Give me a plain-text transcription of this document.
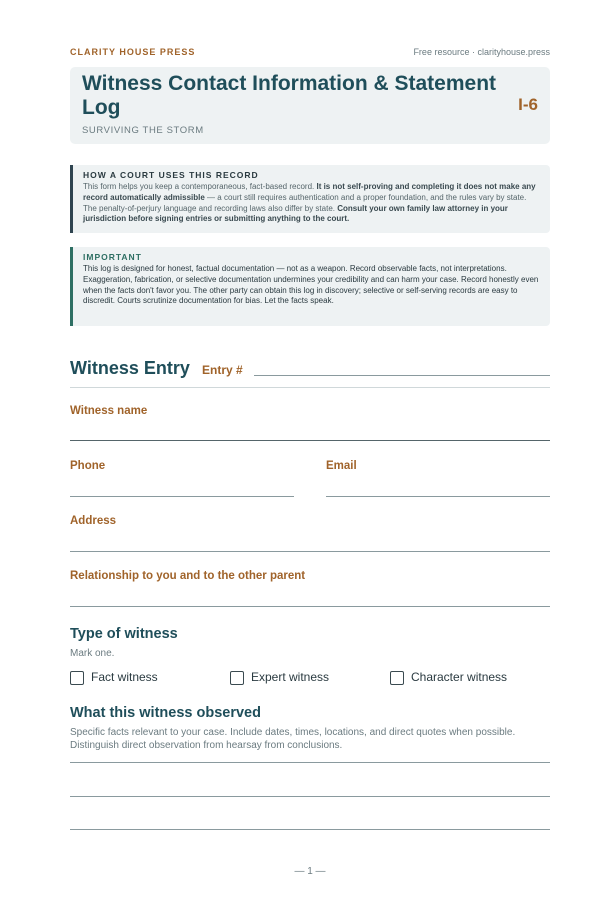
CLARITY HOUSE PRESS	Free resource · clarityhouse.press
Witness Contact Information & Statement Log	I-6
SURVIVING THE STORM
HOW A COURT USES THIS RECORD
This form helps you keep a contemporaneous, fact-based record. It is not self-proving and completing it does not make any record automatically admissible — a court still requires authentication and a proper foundation, and the rules vary by state. The penalty-of-perjury language and recording laws also differ by state. Consult your own family law attorney in your jurisdiction before signing entries or submitting anything to the court.
IMPORTANT
This log is designed for honest, factual documentation — not as a weapon. Record observable facts, not interpretations. Exaggeration, fabrication, or selective documentation undermines your credibility and can harm your case. Record honestly even when the facts don't favor you. The other party can obtain this log in discovery; selective or self-serving records are easy to discredit. Courts scrutinize documentation for bias. Let the facts speak.
Witness Entry Entry #
Witness name
Phone	Email
Address
Relationship to you and to the other parent
Type of witness
Mark one.
Fact witness	Expert witness	Character witness
What this witness observed
Specific facts relevant to your case. Include dates, times, locations, and direct quotes when possible. Distinguish direct observation from hearsay from conclusions.
— 1 —
